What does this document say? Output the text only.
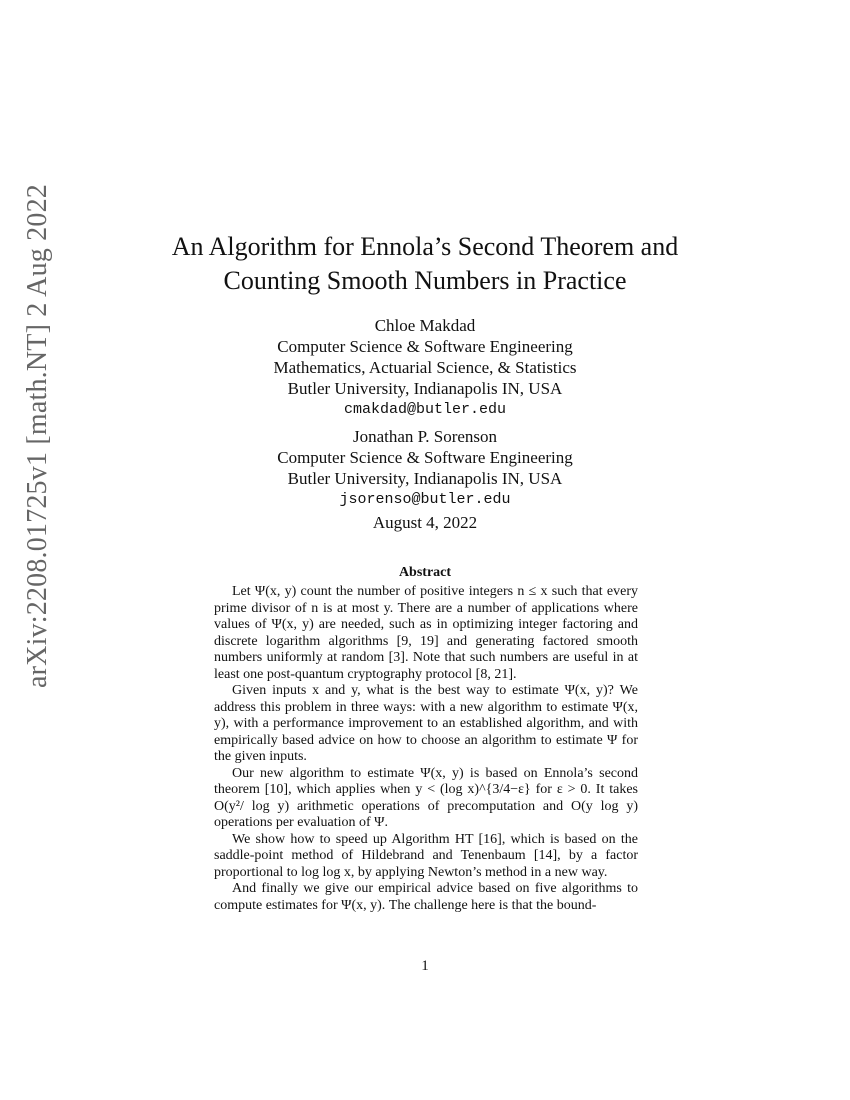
arXiv:2208.01725v1 [math.NT] 2 Aug 2022	An Algorithm for Ennola’s Second Theorem and
Counting Smooth Numbers in Practice
Chloe Makdad
Computer Science & Software Engineering
Mathematics, Actuarial Science, & Statistics
Butler University, Indianapolis IN, USA
cmakdad@butler.edu
Jonathan P. Sorenson
Computer Science & Software Engineering
Butler University, Indianapolis IN, USA
jsorenso@butler.edu
August 4, 2022
Abstract

Let Ψ(x, y) count the number of positive integers n ≤ x such that every prime divisor of n is at most y. There are a number of applications where values of Ψ(x, y) are needed, such as in optimizing integer factoring and discrete logarithm algorithms [9, 19] and generating factored smooth numbers uniformly at random [3]. Note that such numbers are useful in at least one post-quantum cryptography protocol [8, 21].

Given inputs x and y, what is the best way to estimate Ψ(x, y)? We address this problem in three ways: with a new algorithm to estimate Ψ(x, y), with a performance improvement to an established algorithm, and with empirically based advice on how to choose an algorithm to estimate Ψ for the given inputs.

Our new algorithm to estimate Ψ(x, y) is based on Ennola’s second theorem [10], which applies when y < (log x)^{3/4−ε} for ε > 0. It takes O(y²/ log y) arithmetic operations of precomputation and O(y log y) operations per evaluation of Ψ.

We show how to speed up Algorithm HT [16], which is based on the saddle-point method of Hildebrand and Tenenbaum [14], by a factor proportional to log log x, by applying Newton’s method in a new way.

And finally we give our empirical advice based on five algorithms to compute estimates for Ψ(x, y). The challenge here is that the bound-

1
